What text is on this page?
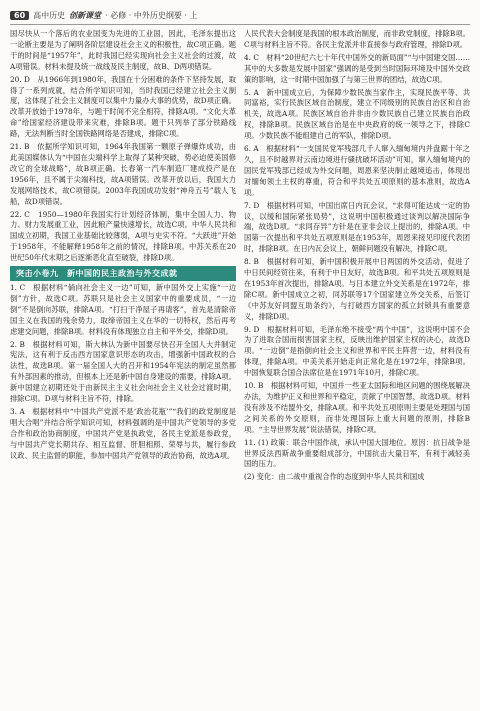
60	高中历史 创新课堂 · 必修 · 中外历史纲要 · 上

国尽快从一个落后的农业国变为先进的工业国，因此，毛泽东提出这一论断主要是为了阐明各阶层建设社会主义的积极性，故C项正确。题干的时间是“1957年”，此时我国已经实现向社会主义社会的过渡，故A项错误。材料未提及统一战线及民主制度，故B、D两项错误。

20. D　从1966年到1980年，我国在十分困难的条件下坚持发展，取得了一系列成就，结合所学知识可知，当时我国已经建立社会主义制度，这体现了社会主义制度可以集中力量办大事的优势，故D项正确。改革开放始于1978年，与题干时间不完全相符，排除A项。“文化大革命”给国家经济建设带来灾难，排除B项。题干只列举了部分铁路线路，无法判断当时全国铁路网络是否建成，排除C项。

21. B　依据所学知识可知，1964年我国第一颗原子弹爆炸成功，由此美国媒体认为“中国在尖端科学上取得了某种突破，势必迫使美国修改它的全球战略”，故B项正确。长春第一汽车制造厂建成投产是在1956年，且不属于尖端科技，故A项错误。改革开放以后，我国大力发展网络技术，故C项错误。2003年我国成功发射“神舟五号”载人飞船，故D项错误。

22. C　1950—1980年我国实行计划经济体制，集中全国人力、物力、财力发展重工业，因此粮产量快速增长，故选C项。中华人民共和国成立初期，我国工业基础比较薄弱，A项与史实不符。“大跃进”开始于1958年，不能解释1958年之前的情况，排除B项。中苏关系在20世纪50年代末期之后逐渐恶化直至破裂，排除D项。

突击小卷九　新中国的民主政治与外交成就

1. C　根据材料“倘向社会主义一边”可知，新中国外交上实施“一边倒”方针，故选C项。苏联只是社会主义国家中的重要成员，“一边倒”不是倒向苏联，排除A项。“打扫干净屋子再请客”，首先是清除帝国主义在我国的残余势力，取缔帝国主义在华的一切特权，然后再考虑建交问题，排除B项。材料没有体现独立自主和平外交，排除D项。

2. B　根据材料可知，斯大林认为新中国要尽快召开全国人大并制定宪法，这有利于反击西方国家意识形态的攻击，增强新中国政权的合法性，故选B项。第一届全国人大的召开和1954年宪法的制定虽然都有外部因素的推动，但根本上还是新中国自身建设的需要，排除A项。新中国建立初期还处于由新民主主义社会向社会主义社会过渡时期，排除C项。D项与材料主旨不符，排除。

3. A　根据材料中“中国共产党派不是‘政治花瓶’”“我们的政党制度是唱大合唱”并结合所学知识可知，材料强调的是中国共产党领导的多党合作和政治协商制度，中国共产党是执政党，各民主党派是参政党，与中国共产党长期共存、相互监督、肝胆相照、荣辱与共，履行参政议政、民主监督的职能，参加中国共产党领导的政治协商，故选A项。

人民代表大会制度是我国的根本政治制度，而非政党制度，排除B项。C项与材料主旨不符。各民主党派并非直接参与政府管理，排除D项。

4. C　材料“20世纪六七十年代中国外交的新局面”“与中国建交国……其中的大多数是发展中国家”强调的是受到当时国际环境及中国外交政策的影响，这一时期中国加强了与第三世界的团结，故选C项。

5. A　新中国成立后，为保障少数民族当家作主，实现民族平等、共同富裕，实行民族区域自治制度，建立不同级别的民族自治区和自治机关，故选A项。民族区域自治并非由少数民族自己建立民族自治政权，排除B项。民族区域自治是在中央政府的统一领导之下，排除C项。少数民族不能组建自己的军队，排除D项。

6. A　根据材料“一支国民党军残部几千人窜入缅甸境内并盘踞十年之久，且不时越界对云南边境进行骚扰破坏活动”可知，窜入缅甸境内的国民党军残部已经成为外交问题，周恩来坚决制止越境追击，体现出对缅甸领土主权的尊重，符合和平共处五项原则的基本准则，故选A项。

7. D　根据材料可知，中国出席日内瓦会议，“求得可能达成一定的协议，以缓和国际紧张局势”，这说明中国积极通过谈判以解决国际争端，故选D项。“求同存异”方针是在亚非会议上提出的，排除A项。中国第一次提出和平共处五项原则是在1953年，周恩来接见印度代表团时，排除B项。在日内瓦会议上，朝鲜问题没有解决，排除C项。

8. B　根据材料可知，新中国积极开展中日两国的外交活动，促进了中日民间经贸往来，有利于中日友好，故选B项。和平共处五项原则是在1953年首次提出，排除A项。与日本建立外交关系是在1972年，排除C项。新中国成立之初，同苏联等17个国家建立外交关系，后签订《中苏友好同盟互助条约》，与打破西方国家的孤立封锁具有重要意义，排除D项。

9. D　根据材料可知，毛泽东绝不接受“两个中国”，这说明中国不会为了进取合国而损害国家主权，反映出维护国家主权的决心，故选D项。“一边倒”是指倒向社会主义和世界和平民主阵营一边，材料没有体现，排除A项。中美关系开始走向正常化是在1972年，排除B项。中国恢复联合国合法席位是在1971年10月，排除C项。

10. B　根据材料可知，中国并一些亚太国际和地区问题的围绕展解决办法，为维护正义和世界和平稳定，贡献了中国智慧，故选D项。材料没有涉及不结盟外交，排除A项。和平共处五项原则主要是处理国与国之间关系的外交原则，而非处理国际上重大问题的原则，排除B项。“主导世界发展”说法错误，排除C项。

11. (1) 政策：联合中国作战，承认中国大国地位。原因：抗日战争是世界反法西斯战争重要组成部分，中国抗击大量日军，有利于减轻美国的压力。

(2) 变化：由二战中重视合作的态度到中华人民共和国成
